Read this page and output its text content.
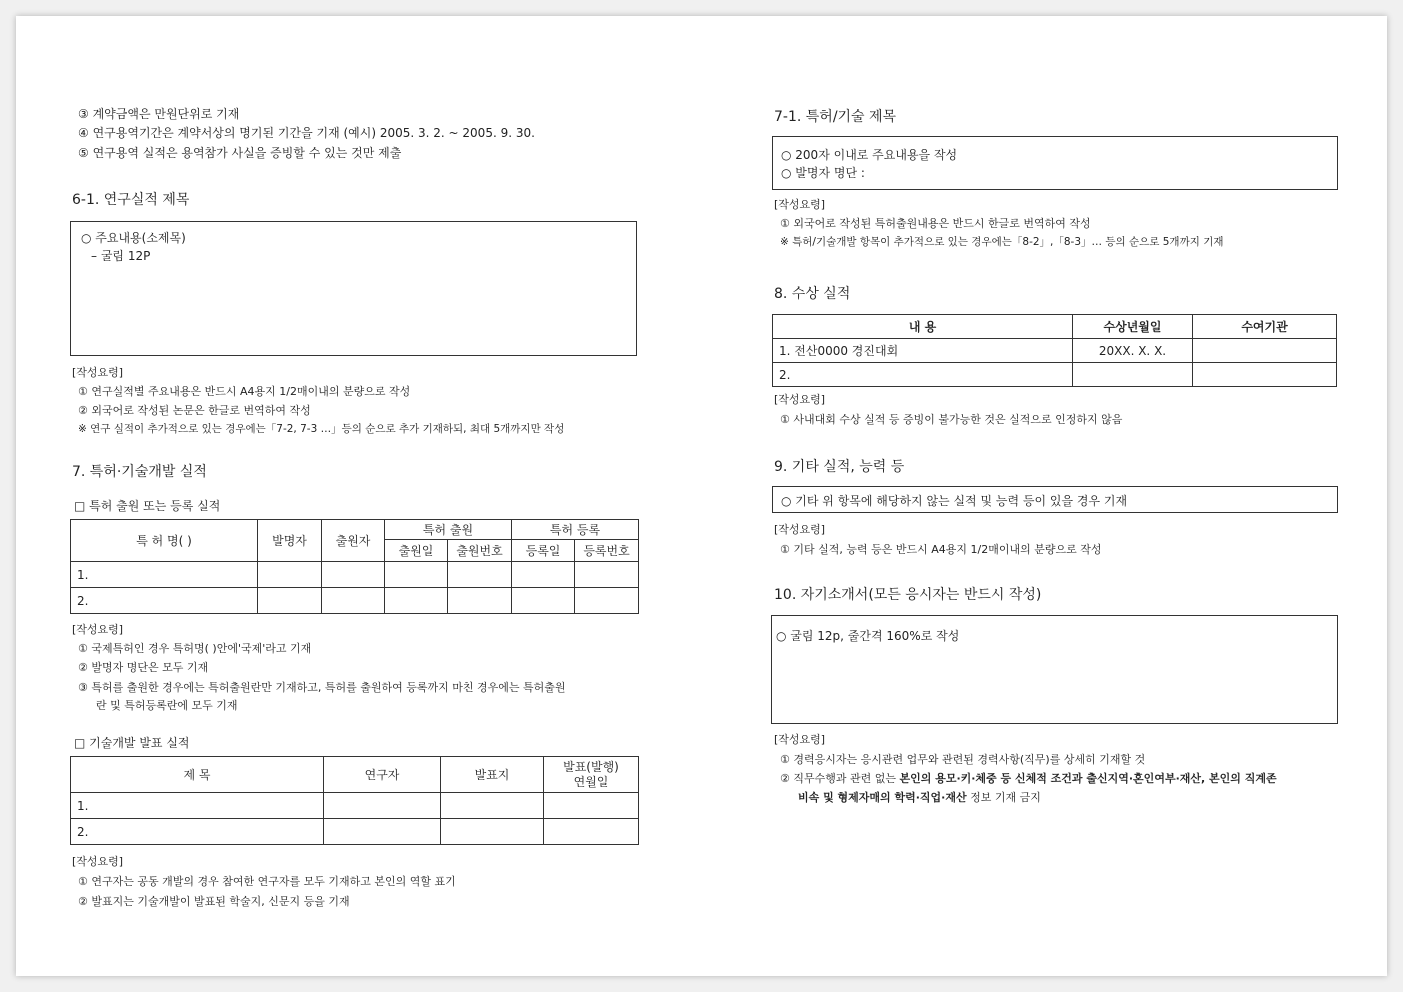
③ 계약금액은 만원단위로 기재
④ 연구용역기간은 계약서상의 명기된 기간을 기재 (예시) 2005. 3. 2. ~ 2005. 9. 30.
⑤ 연구용역 실적은 용역참가 사실을 증빙할 수 있는 것만 제출
6-1. 연구실적 제목
○ 주요내용(소제목)
– 굴림 12P
[작성요령]
① 연구실적별 주요내용은 반드시 A4용지 1/2매이내의 분량으로 작성
② 외국어로 작성된 논문은 한글로 번역하여 작성
※ 연구 실적이 추가적으로 있는 경우에는「7-2, 7-3 …」등의 순으로 추가 기재하되, 최대 5개까지만 작성
7. 특허·기술개발 실적
□ 특허 출원 또는 등록 실적
특 허 명( )	발명자	출원자	특허 출원		특허 등록	
			출원일	출원번호	등록일	등록번호
1.						
2.						
[작성요령]
① 국제특허인 경우 특허명( )안에'국제'라고 기재
② 발명자 명단은 모두 기재
③ 특허를 출원한 경우에는 특허출원란만 기재하고, 특허를 출원하여 등록까지 마친 경우에는 특허출원
란 및 특허등록란에 모두 기재
□ 기술개발 발표 실적
제 목	연구자	발표지	발표(발행)
연월일

1.			
2.			
[작성요령]
① 연구자는 공동 개발의 경우 참여한 연구자를 모두 기재하고 본인의 역할 표기
② 발표지는 기술개발이 발표된 학술지, 신문지 등을 기재
7-1. 특허/기술 제목
○ 200자 이내로 주요내용을 작성
○ 발명자 명단 :
[작성요령]
① 외국어로 작성된 특허출원내용은 반드시 한글로 번역하여 작성
※ 특허/기술개발 항목이 추가적으로 있는 경우에는「8-2」,「8-3」… 등의 순으로 5개까지 기재
8. 수상 실적
내 용	수상년월일	수여기관
1. 전산0000 경진대회	20XX. X. X.	
2.		
[작성요령]
① 사내대회 수상 실적 등 증빙이 불가능한 것은 실적으로 인정하지 않음
9. 기타 실적, 능력 등
○ 기타 위 항목에 해당하지 않는 실적 및 능력 등이 있을 경우 기재
[작성요령]
① 기타 실적, 능력 등은 반드시 A4용지 1/2매이내의 분량으로 작성
10. 자기소개서(모든 응시자는 반드시 작성)
○ 굴림 12p, 줄간격 160%로 작성
[작성요령]
① 경력응시자는 응시관련 업무와 관련된 경력사항(직무)를 상세히 기재할 것
② 직무수행과 관련 없는 본인의 용모·키·체중 등 신체적 조건과 출신지역·혼인여부·재산, 본인의 직계존
비속 및 형제자매의 학력·직업·재산 정보 기재 금지
